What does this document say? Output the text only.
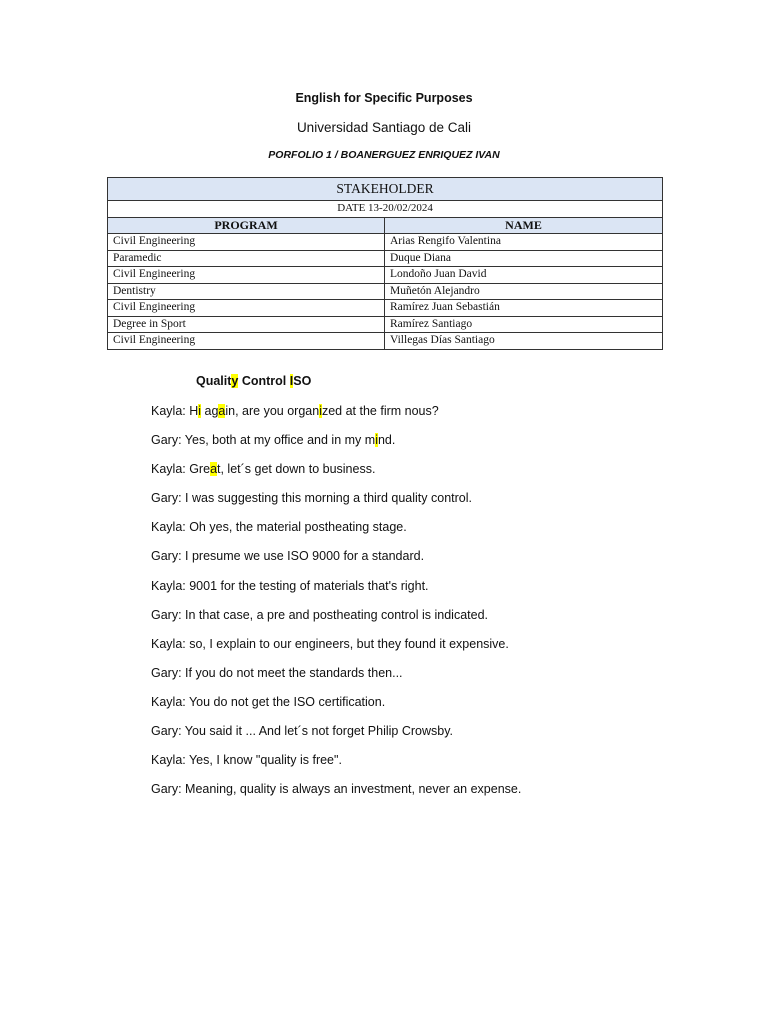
English for Specific Purposes
Universidad Santiago de Cali
PORFOLIO 1 / BOANERGUEZ ENRIQUEZ IVAN
STAKEHOLDER	
DATE 13-20/02/2024	
PROGRAM	NAME
Civil Engineering	Arias Rengifo Valentina
Paramedic	Duque Diana
Civil Engineering	Londoño Juan David
Dentistry	Muñetón Alejandro
Civil Engineering	Ramírez Juan Sebastián
Degree in Sport	Ramírez Santiago
Civil Engineering	Villegas Días Santiago
Quality Control ISO
Kayla: Hi again, are you organized at the firm nous?
Gary: Yes, both at my office and in my mind.
Kayla: Great, let´s get down to business.
Gary: I was suggesting this morning a third quality control.
Kayla: Oh yes, the material postheating stage.
Gary: I presume we use ISO 9000 for a standard.
Kayla: 9001 for the testing of materials that's right.
Gary: In that case, a pre and postheating control is indicated.
Kayla: so, I explain to our engineers, but they found it expensive.
Gary: If you do not meet the standards then...
Kayla: You do not get the ISO certification.
Gary: You said it ... And let´s not forget Philip Crowsby.
Kayla: Yes, I know "quality is free".
Gary: Meaning, quality is always an investment, never an expense.
